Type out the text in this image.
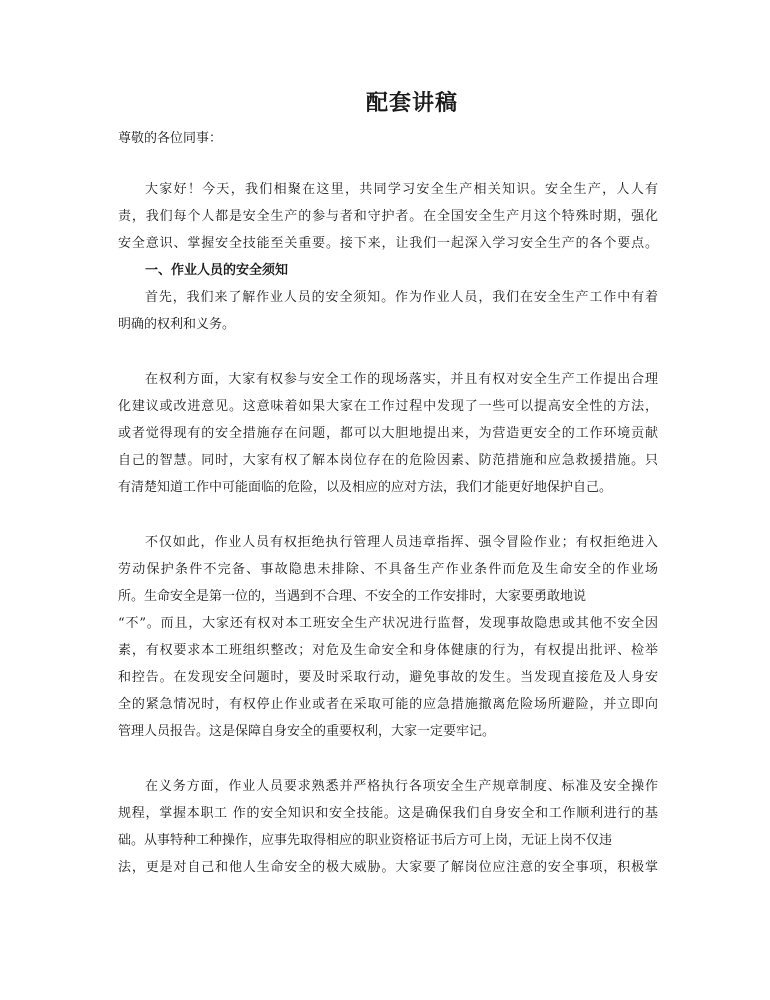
配套讲稿

尊敬的各位同事：

大家好！今天，我们相聚在这里，共同学习安全生产相关知识。安全生产，人人有

责，我们每个人都是安全生产的参与者和守护者。在全国安全生产月这个特殊时期，强化

安全意识、掌握安全技能至关重要。接下来，让我们一起深入学习安全生产的各个要点。

一、作业人员的安全须知

首先，我们来了解作业人员的安全须知。作为作业人员，我们在安全生产工作中有着

明确的权利和义务。

在权利方面，大家有权参与安全工作的现场落实，并且有权对安全生产工作提出合理

化建议或改进意见。这意味着如果大家在工作过程中发现了一些可以提高安全性的方法，

或者觉得现有的安全措施存在问题，都可以大胆地提出来，为营造更安全的工作环境贡献

自己的智慧。同时，大家有权了解本岗位存在的危险因素、防范措施和应急救援措施。只

有清楚知道工作中可能面临的危险，以及相应的应对方法，我们才能更好地保护自己。

不仅如此，作业人员有权拒绝执行管理人员违章指挥、强令冒险作业；有权拒绝进入

劳动保护条件不完备、事故隐患未排除、不具备生产作业条件而危及生命安全的作业场

所。生命安全是第一位的，当遇到不合理、不安全的工作安排时，大家要勇敢地说

“不”。而且，大家还有权对本工班安全生产状况进行监督，发现事故隐患或其他不安全因

素，有权要求本工班组织整改；对危及生命安全和身体健康的行为，有权提出批评、检举

和控告。在发现安全问题时，要及时采取行动，避免事故的发生。当发现直接危及人身安

全的紧急情况时，有权停止作业或者在采取可能的应急措施撤离危险场所避险，并立即向

管理人员报告。这是保障自身安全的重要权利，大家一定要牢记。

在义务方面，作业人员要求熟悉并严格执行各项安全生产规章制度、标准及安全操作

规程，掌握本职工 作的安全知识和安全技能。这是确保我们自身安全和工作顺利进行的基

础。从事特种工种操作，应事先取得相应的职业资格证书后方可上岗，无证上岗不仅违

法，更是对自己和他人生命安全的极大威胁。大家要了解岗位应注意的安全事项，积极掌
